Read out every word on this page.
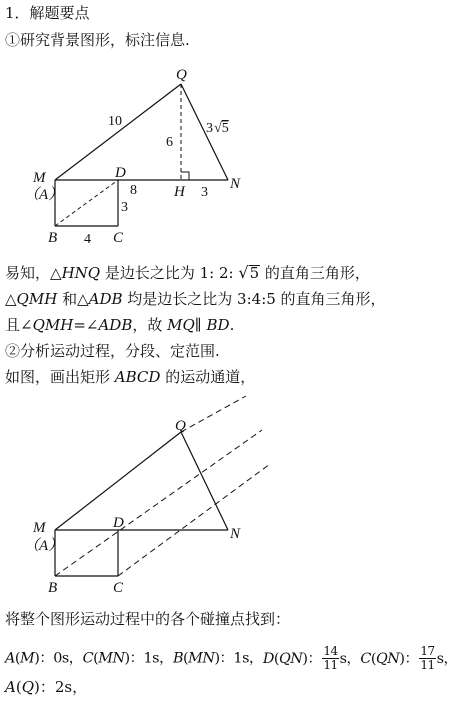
1．解题要点
①研究背景图形，标注信息.
Q
M
（A）
D
H	N
B	C
10
6
3√5
8	3
3
4
易知，△HNQ 是边长之比为 1: 2: √5 的直角三角形，
△QMH 和△ADB 均是边长之比为 3:4:5 的直角三角形，
且∠QMH=∠ADB，故 MQ∥ BD.
②分析运动过程，分段、定范围.
如图，画出矩形 ABCD 的运动通道，
Q
M
（A）
D
N
B	C
将整个图形运动过程中的各个碰撞点找到：
A(M)：0s，C(MN)：1s，B(MN)：1s，D(QN)： $\frac{14}{11}$ s，C(QN)： $\frac{17}{11}$ s，
A(Q)：2s，
